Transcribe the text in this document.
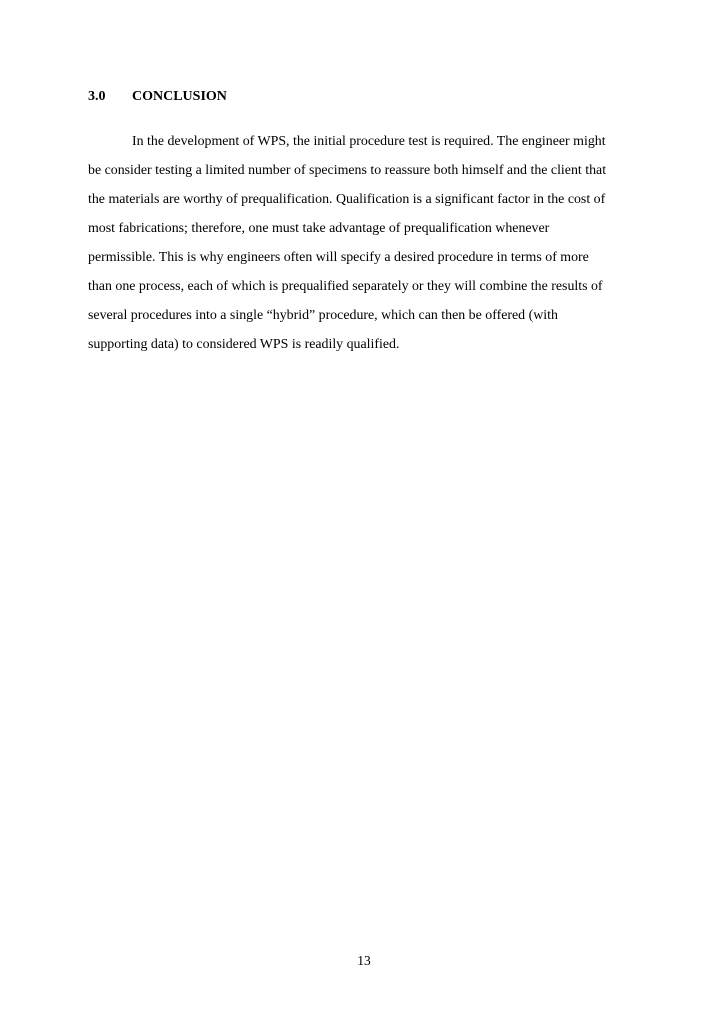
3.0 CONCLUSION
In the development of WPS, the initial procedure test is required. The engineer might
be consider testing a limited number of specimens to reassure both himself and the client that
the materials are worthy of prequalification. Qualification is a significant factor in the cost of
most fabrications; therefore, one must take advantage of prequalification whenever
permissible. This is why engineers often will specify a desired procedure in terms of more
than one process, each of which is prequalified separately or they will combine the results of
several procedures into a single “hybrid” procedure, which can then be offered (with
supporting data) to considered WPS is readily qualified.
13
